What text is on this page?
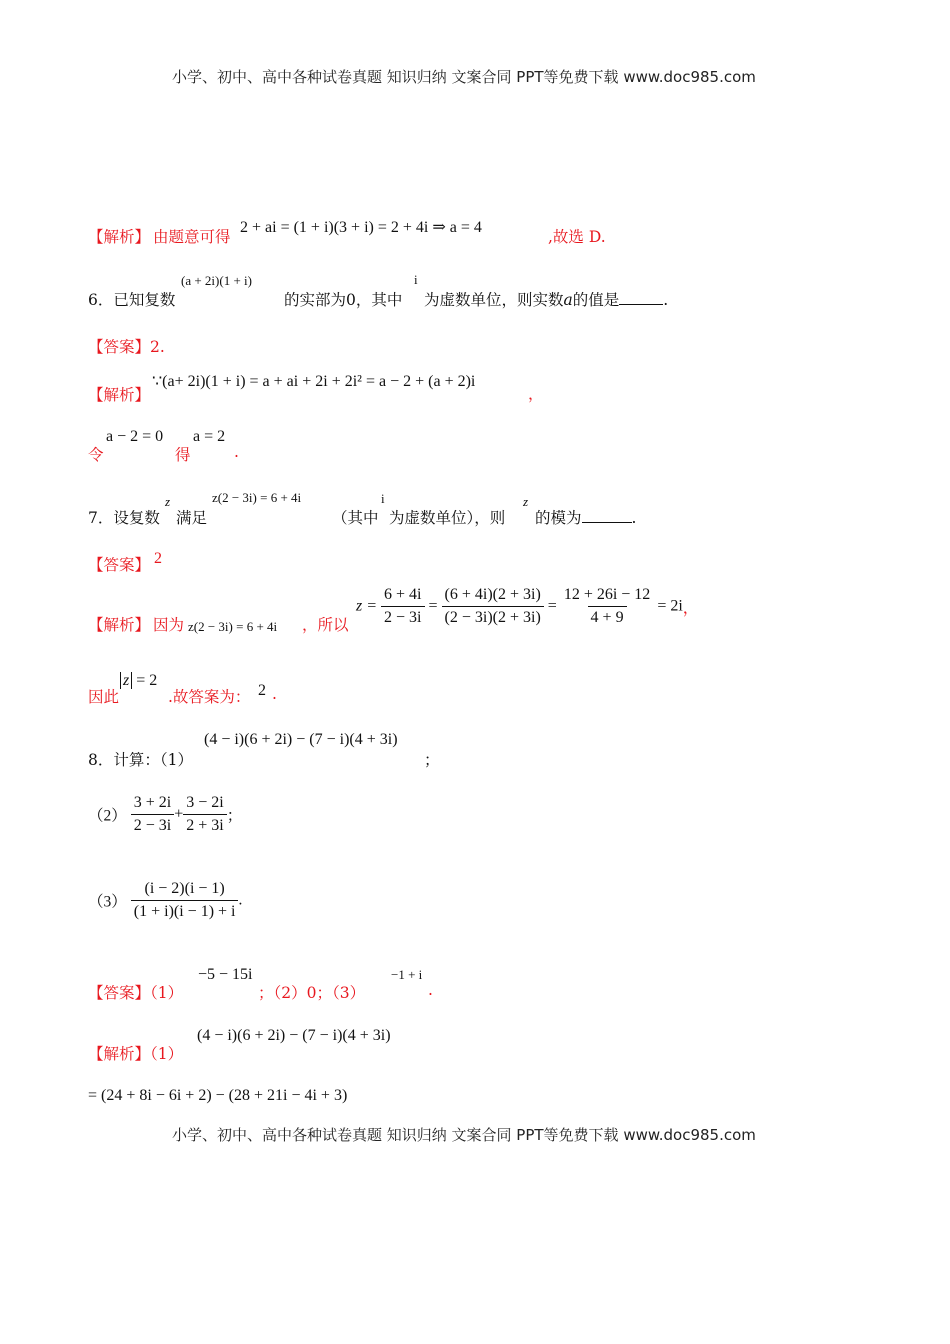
小学、初中、高中各种试卷真题 知识归纳 文案合同 PPT等免费下载 www.doc985.com
【解析】 由题意可得
2 + ai = (1 + i)(3 + i) = 2 + 4i ⇒ a = 4
,故选 D.
6．已知复数
(a + 2i)(1 + i)
的实部为0，其中
i
为虚数单位，则实数a的值是	.
【答案】2.
【解析】
∵(a+ 2i)(1 + i) = a + ai + 2i + 2i² = a − 2 + (a + 2)i
，
令
a − 2 = 0
得
a = 2
.
7．设复数
z
满足
z(2 − 3i) = 6 + 4i
（其中
i
为虚数单位），则
z
的模为	.
【答案】 2
【解析】 因为 z(2 − 3i) = 6 + 4i ，所以
$z = \frac{6 + 4i}{2 - 3i} = \frac{(6 + 4i)(2 + 3i)}{(2 - 3i)(2 + 3i)} = \frac{12 + 26i - 12}{4 + 9} = 2i$，
因此
z = 2
.故答案为： 2 .
8．计算：（1）
(4 − i)(6 + 2i) − (7 − i)(4 + 3i)
；
$(2) \frac{3 + 2i}{2 - 3i} + \frac{3 - 2i}{2 + 3i}$ ；
$(3) \frac{(i - 2)(i - 1)}{(1 + i)(i - 1) + i}$ .
【答案】（1）
−5 − 15i
；（2）0；（3）
−1 + i
.
【解析】（1）
(4 − i)(6 + 2i) − (7 − i)(4 + 3i)
= (24 + 8i − 6i + 2) − (28 + 21i − 4i + 3)
小学、初中、高中各种试卷真题 知识归纳 文案合同 PPT等免费下载 www.doc985.com
